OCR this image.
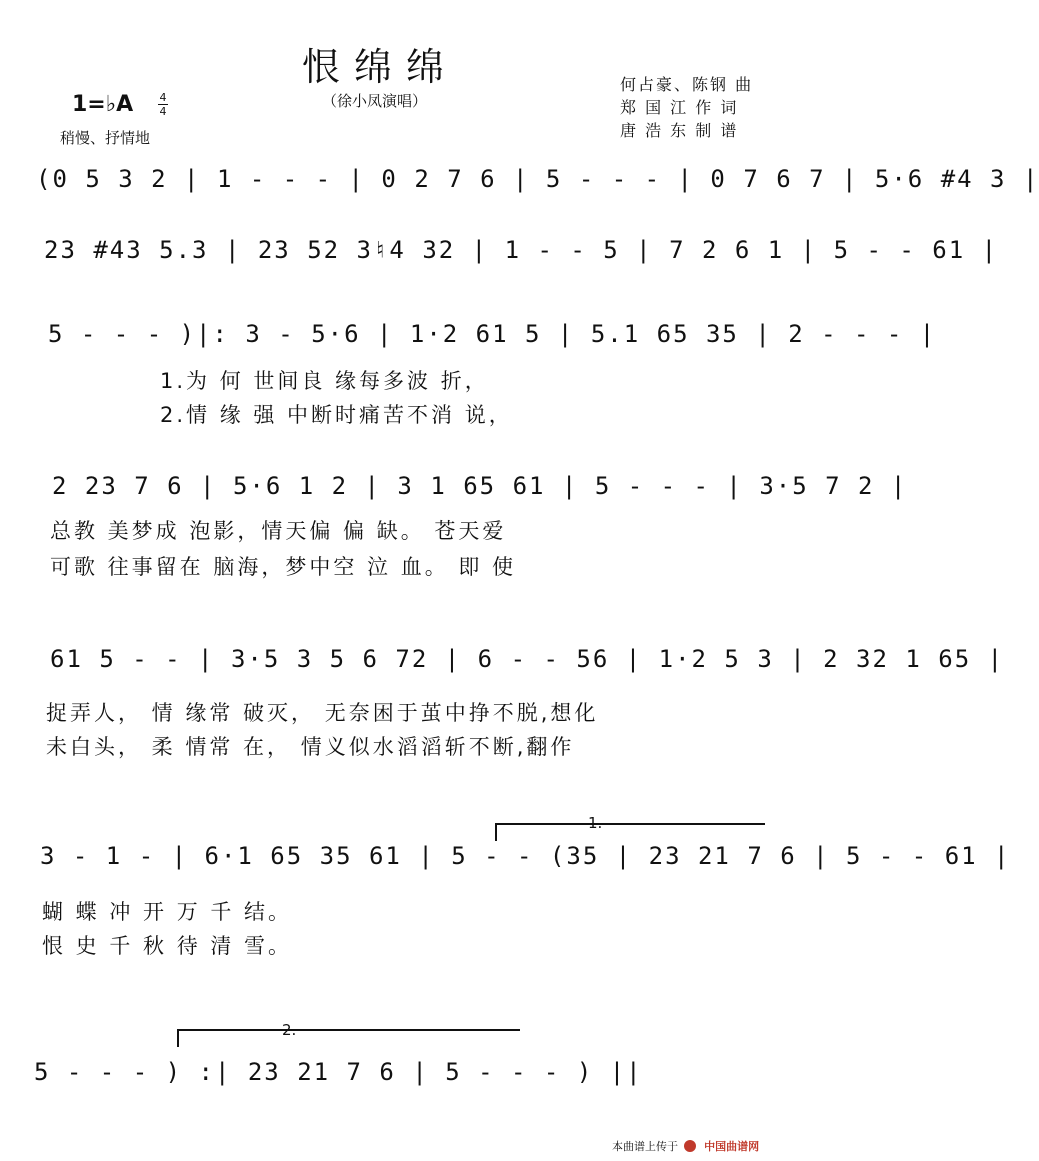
恨绵绵
（徐小凤演唱）
1=♭A 4
4
稍慢、抒情地
何占豪、陈钢 曲
郑 国 江 作 词
唐 浩 东 制 谱
(0 5 3 2 | 1 - - - | 0 2 7 6 | 5 - - - | 0 7 6 7 | 5·6 #4 3 |
23 #43 5.3 | 23 52 3♮4 32 | 1 - - 5 | 7 2 6 1 | 5 - - 61 |
5 - - - )|: 3 - 5·6 | 1·2 61 5 | 5.1 65 35 | 2 - - - |
1.为 何 世间良 缘每多波 折，
2.情 缘 强 中断时痛苦不消 说，
2 23 7 6 | 5·6 1 2 | 3 1 65 61 | 5 - - - | 3·5 7 2 |
总教 美梦成 泡影，情天偏 偏 缺。 苍天爱
可歌 往事留在 脑海，梦中空 泣 血。 即 使
61 5 - - | 3·5 3 5 6 72 | 6 - - 56 | 1·2 5 3 | 2 32 1 65 |
捉弄人， 情 缘常 破灭， 无奈困于茧中挣不脱,想化
未白头， 柔 情常 在， 情义似水滔滔斩不断,翻作
1.
3 - 1 - | 6·1 65 35 61 | 5 - - (35 | 23 21 7 6 | 5 - - 61 |
蝴 蝶 冲 开 万 千 结。
恨 史 千 秋 待 清 雪。
2.
5 - - - ) :| 23 21 7 6 | 5 - - - ) ||
本曲谱上传于	中国曲谱网
